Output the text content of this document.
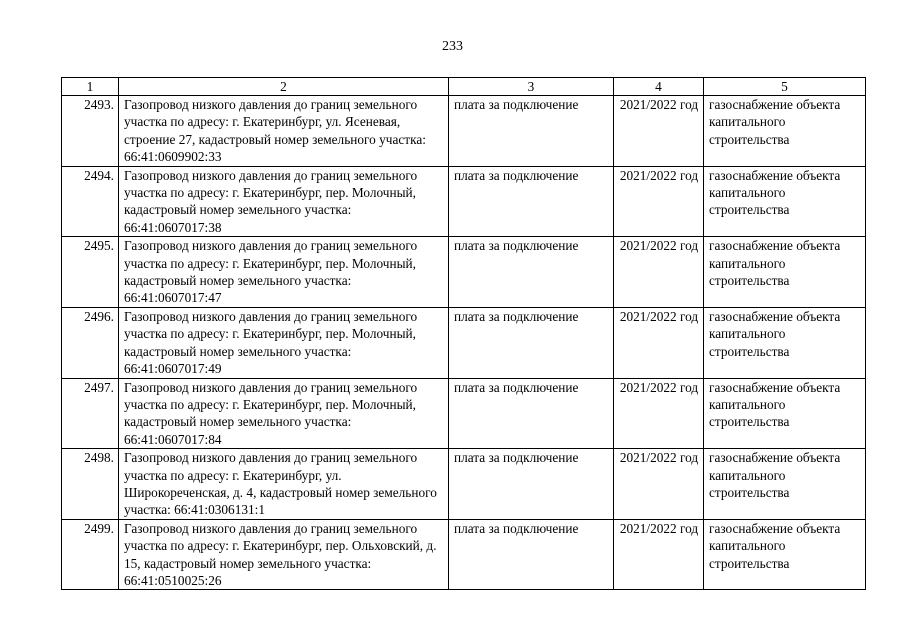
233
1	2	3	4	5
2493.	Газопровод низкого давления до границ земельного участка по адресу: г. Екатеринбург, ул. Ясеневая, строение 27, кадастровый номер земельного участка: 66:41:0609902:33	плата за подключение	2021/2022 год	газоснабжение объекта капитального строительства
2494.	Газопровод низкого давления до границ земельного участка по адресу: г. Екатеринбург, пер. Молочный, кадастровый номер земельного участка: 66:41:0607017:38	плата за подключение	2021/2022 год	газоснабжение объекта капитального строительства
2495.	Газопровод низкого давления до границ земельного участка по адресу: г. Екатеринбург, пер. Молочный, кадастровый номер земельного участка: 66:41:0607017:47	плата за подключение	2021/2022 год	газоснабжение объекта капитального строительства
2496.	Газопровод низкого давления до границ земельного участка по адресу: г. Екатеринбург, пер. Молочный, кадастровый номер земельного участка: 66:41:0607017:49	плата за подключение	2021/2022 год	газоснабжение объекта капитального строительства
2497.	Газопровод низкого давления до границ земельного участка по адресу: г. Екатеринбург, пер. Молочный, кадастровый номер земельного участка: 66:41:0607017:84	плата за подключение	2021/2022 год	газоснабжение объекта капитального строительства
2498.	Газопровод низкого давления до границ земельного участка по адресу: г. Екатеринбург, ул. Широкореченская, д. 4, кадастровый номер земельного участка: 66:41:0306131:1	плата за подключение	2021/2022 год	газоснабжение объекта капитального строительства
2499.	Газопровод низкого давления до границ земельного участка по адресу: г. Екатеринбург, пер. Ольховский, д. 15, кадастровый номер земельного участка: 66:41:0510025:26	плата за подключение	2021/2022 год	газоснабжение объекта капитального строительства
